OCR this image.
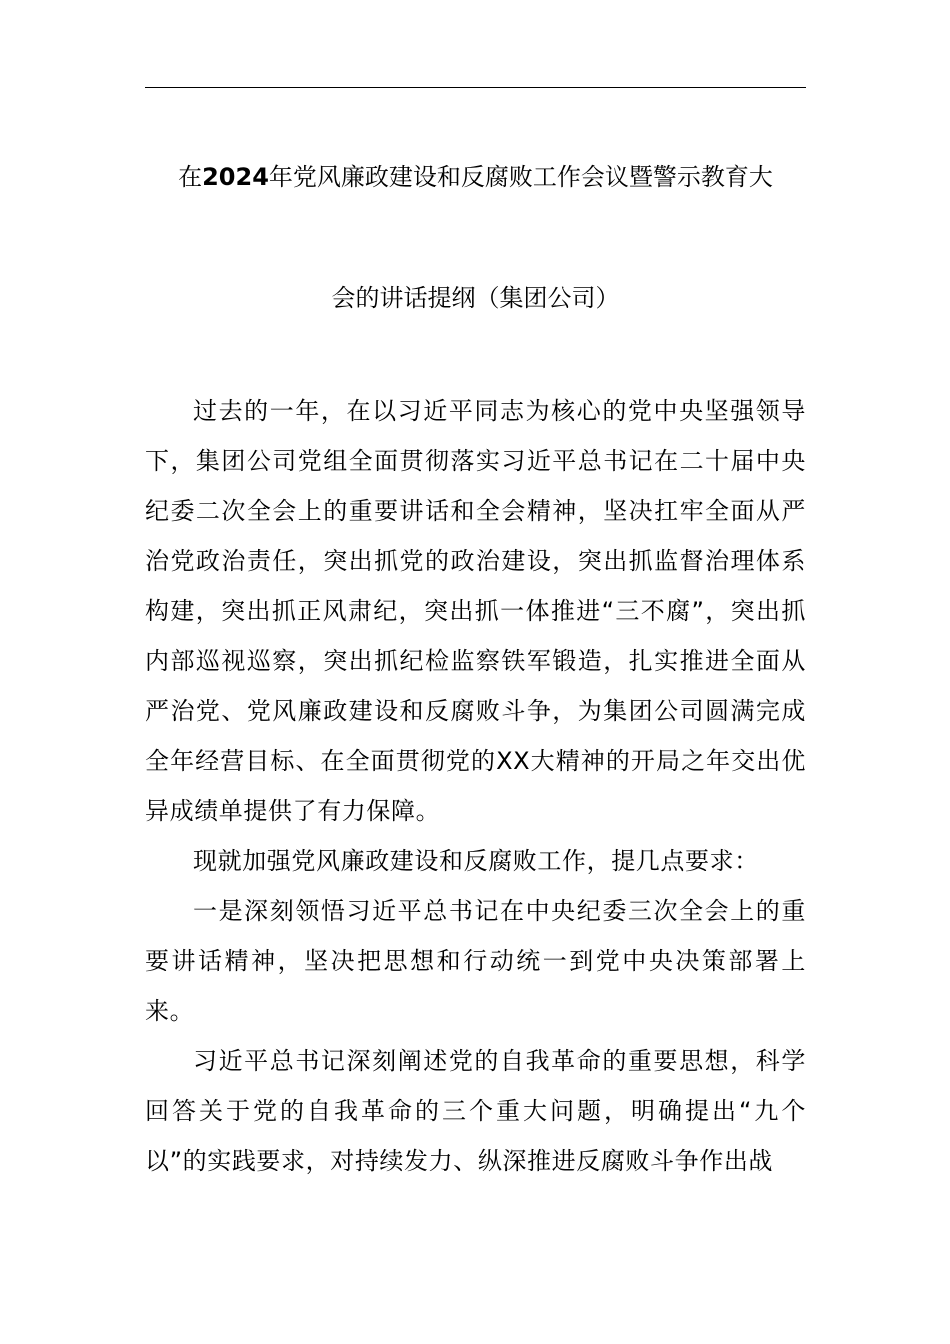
在2024年党风廉政建设和反腐败工作会议暨警示教育大
会的讲话提纲（集团公司）

过去的一年，在以习近平同志为核心的党中央坚强领导下，集团公司党组全面贯彻落实习近平总书记在二十届中央纪委二次全会上的重要讲话和全会精神，坚决扛牢全面从严治党政治责任，突出抓党的政治建设，突出抓监督治理体系构建，突出抓正风肃纪，突出抓一体推进“三不腐”，突出抓内部巡视巡察，突出抓纪检监察铁军锻造，扎实推进全面从严治党、党风廉政建设和反腐败斗争，为集团公司圆满完成全年经营目标、在全面贯彻党的XX大精神的开局之年交出优异成绩单提供了有力保障。

现就加强党风廉政建设和反腐败工作，提几点要求：

一是深刻领悟习近平总书记在中央纪委三次全会上的重要讲话精神，坚决把思想和行动统一到党中央决策部署上来。

习近平总书记深刻阐述党的自我革命的重要思想，科学回答关于党的自我革命的三个重大问题，明确提出“九个以”的实践要求，对持续发力、纵深推进反腐败斗争作出战
